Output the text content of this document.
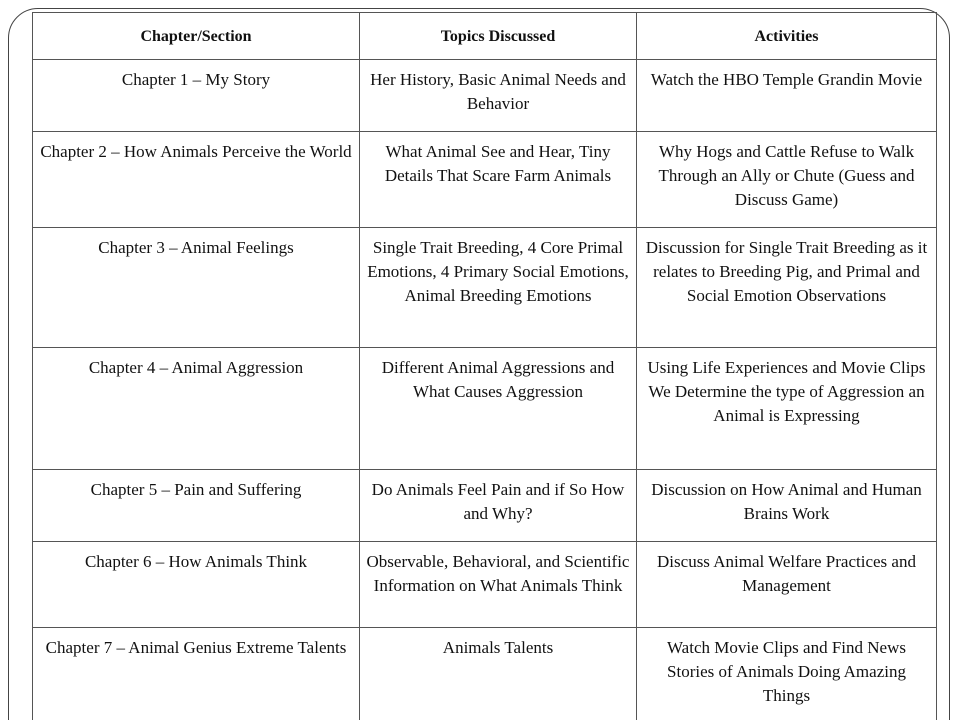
Chapter/Section	Topics Discussed	Activities
Chapter 1 – My Story	Her History, Basic Animal Needs and Behavior	Watch the HBO Temple Grandin Movie
Chapter 2 – How Animals Perceive the World	What Animal See and Hear, Tiny Details That Scare Farm Animals	Why Hogs and Cattle Refuse to Walk Through an Ally or Chute (Guess and Discuss Game)
Chapter 3 – Animal Feelings	Single Trait Breeding, 4 Core Primal Emotions, 4 Primary Social Emotions, Animal Breeding Emotions	Discussion for Single Trait Breeding as it relates to Breeding Pig, and Primal and Social Emotion Observations
Chapter 4 – Animal Aggression	Different Animal Aggressions and What Causes Aggression	Using Life Experiences and Movie Clips We Determine the type of Aggression an Animal is Expressing
Chapter 5 – Pain and Suffering	Do Animals Feel Pain and if So How and Why?	Discussion on How Animal and Human Brains Work
Chapter 6 – How Animals Think	Observable, Behavioral, and Scientific Information on What Animals Think	Discuss Animal Welfare Practices and Management
Chapter 7 – Animal Genius Extreme Talents	Animals Talents	Watch Movie Clips and Find News Stories of Animals Doing Amazing Things
